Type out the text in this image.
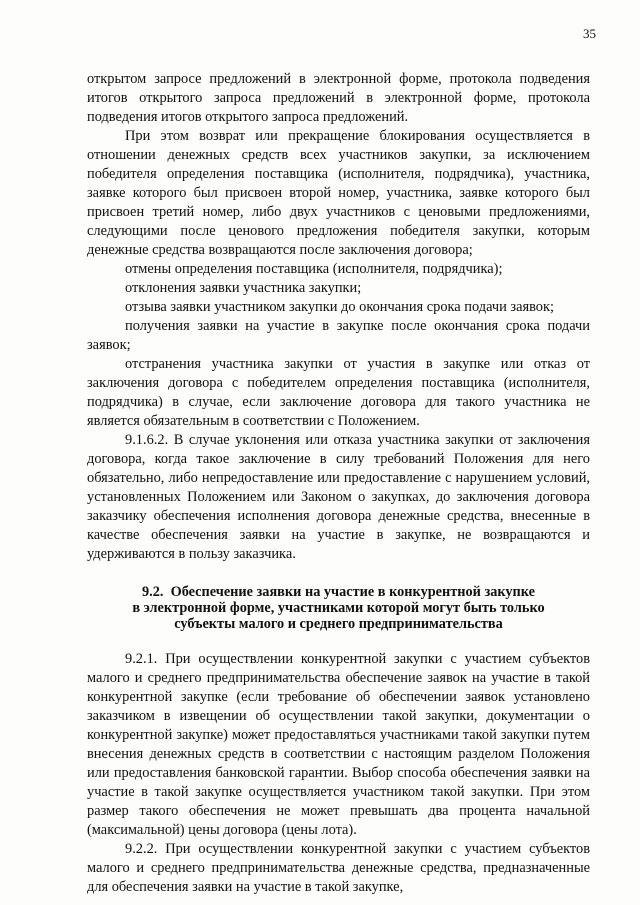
35

открытом запросе предложений в электронной форме, протокола подведения итогов открытого запроса предложений в электронной форме, протокола подведения итогов открытого запроса предложений.

При этом возврат или прекращение блокирования осуществляется в отношении денежных средств всех участников закупки, за исключением победителя определения поставщика (исполнителя, подрядчика), участника, заявке которого был присвоен второй номер, участника, заявке которого был присвоен третий номер, либо двух участников с ценовыми предложениями, следующими после ценового предложения победителя закупки, которым денежные средства возвращаются после заключения договора;

отмены определения поставщика (исполнителя, подрядчика);

отклонения заявки участника закупки;

отзыва заявки участником закупки до окончания срока подачи заявок;

получения заявки на участие в закупке после окончания срока подачи заявок;

отстранения участника закупки от участия в закупке или отказ от заключения договора с победителем определения поставщика (исполнителя, подрядчика) в случае, если заключение договора для такого участника не является обязательным в соответствии с Положением.

9.1.6.2. В случае уклонения или отказа участника закупки от заключения договора, когда такое заключение в силу требований Положения для него обязательно, либо непредоставление или предоставление с нарушением условий, установленных Положением или Законом о закупках, до заключения договора заказчику обеспечения исполнения договора денежные средства, внесенные в качестве обеспечения заявки на участие в закупке, не возвращаются и удерживаются в пользу заказчика.

9.2. Обеспечение заявки на участие в конкурентной закупке
в электронной форме, участниками которой могут быть только
субъекты малого и среднего предпринимательства

9.2.1. При осуществлении конкурентной закупки с участием субъектов малого и среднего предпринимательства обеспечение заявок на участие в такой конкурентной закупке (если требование об обеспечении заявок установлено заказчиком в извещении об осуществлении такой закупки, документации о конкурентной закупке) может предоставляться участниками такой закупки путем внесения денежных средств в соответствии с настоящим разделом Положения или предоставления банковской гарантии. Выбор способа обеспечения заявки на участие в такой закупке осуществляется участником такой закупки. При этом размер такого обеспечения не может превышать два процента начальной (максимальной) цены договора (цены лота).

9.2.2. При осуществлении конкурентной закупки с участием субъектов малого и среднего предпринимательства денежные средства, предназначенные для обеспечения заявки на участие в такой закупке,
